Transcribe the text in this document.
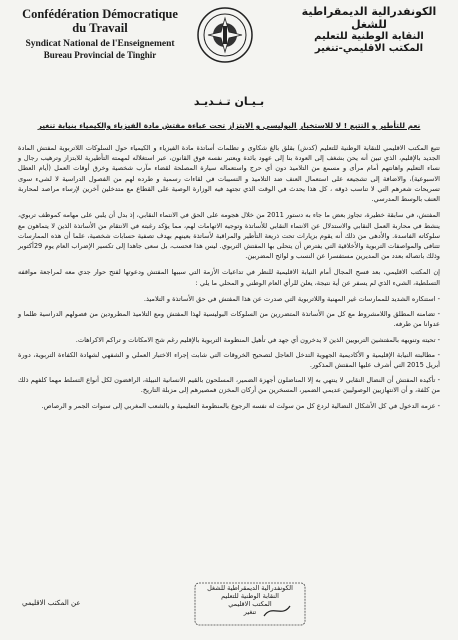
Confédération Démocratique du Travail
Syndicat National de l'Enseignement
Bureau Provincial de Tinghir
الكونفدرالية الديمقراطية للشغل
النقابة الوطنية للتعليم
المكتب الاقليمي-تنغير
بـيـان تـنـديـد
نعم للتأطير و التتبع ! لا للاستخبار البوليسي و الابتزاز تحت عباءة مفتش مادة الفيزياء والكيمياء بنيابة تنغير

تتبع المكتب الاقليمي للنقابة الوطنية للتعليم (كدش) بقلق بالغ شكاوى و تظلمات أساتذة مادة الفيزياء و الكيمياء حول السلوكات اللاتربوية لمفتش المادة الجديد بالإقليم، الذي تبين أنه يحن بشغف إلى العودة بنا إلى عهود بائدة ويعتبر نفسه فوق القانون، عبر استغلاله لمهمته التأطيرية للابتزاز وترهيب رجال و نساء التعليم واهانتهم أمام مرأى و مسمع من التلاميذ دون أي حرج واستعماله سيارة المصلحة لقضاء مآرب شخصية وخرق أوقات العمل (أيام العطل الاسبوعية)، والاضافة إلى تشجيعه على استعمال العنف ضد التلاميذ و التسيبات في لقاءات رسمية و طرده لهم من الفصول الدراسية لا لشيء سوى تسريحات شعرهم التي لا تناسب ذوقه ، كل هذا يحدث في الوقت الذي تجتهد فيه الوزارة الوصية على القطاع مع متدخلين آخرين لإرساء مراصد لمحاربة العنف بالوسط المدرسي.

المفتش، في سابقة خطيرة، تجاوز بعض ما جاء به دستور 2011 من خلال هجومه على الحق في الانتماء النقابي، إذ بدل أن يلبي على مهامه كموظف تربوي، ينشط في محاربة العمل النقابي والاستدلال عن الانتماء النقابي للأساتذة وتوجيه الاتهامات لهم، مما يؤكد رغبته في الانتقام من الأساتذة الذين لا يتماهون مع سلوكاته الفاسدة. والأدهى من ذلك أنه يقوم بزيارات تحت ذريعة التأطير والمراقبة لأساتذة بعينهم بهدف تصفية حسابات شخصية، علما أن هذه الممارسات تتنافى والمواصفات التربوية والأخلاقية التي يفترض أن يتحلى بها المفتش التربوي. ليس هذا فحسب، بل سعى جاهدا إلى تكسير الإضراب العام يوم 29أكتوبر وذلك باتصاله بعدد من المديرين مستفسرا عن النسب و لوائح المضربين.

إن المكتب الاقليمي، بعد فسح المجال أمام النيابة الاقليمية للنظر في تداعيات الأزمة التي سببها المفتش ودعوتها لفتح حوار جدي معه لمراجعة مواقفه التسلطية، الشيء الذي لم يسفر عن أية نتيجة، يعلن للرأي العام الوطني و المحلي ما يلي :

- استنكاره الشديد للممارسات غير المهنية واللاتربوية التي صدرت عن هذا المفتش في حق الأساتذة و التلاميذ.

- تضامنه المطلق واللامشروط مع كل من الأساتذة المتضررين من السلوكات البوليسية لهذا المفتش ومع التلاميذ المطرودين من فصولهم الدراسية ظلما و عدوانا من طرفه.

- تحيته وتنويهه بالمفتشين التربويين الذين لا يدخرون أي جهد في تأهيل المنظومة التربوية بالإقليم رغم شح الامكانات و تراكم الاكراهات.

- مطالبته النيابة الإقليمية و الأكاديمية الجهوية التدخل العاجل لتصحيح الخروقات التي شابت إجراء الاختبار العملي و الشفهي لشهادة الكفاءة التربوية، دورة أبريل 2015 التي أشرف عليها المفتش المذكور.

- تأكيده المفتش أن النضال النقابي لا ينتهي به إلا المناضلون أجهزة الضمير، المسلحون بالقيم الانسانية النبيلة، الرافضون لكل أنواع التسلط مهما كلفهم ذلك من كلفة، و أن الانتهازيين الوصوليين عديمي الضمير، المسخرين من أركان المخزن فمصيرهم إلى مزبلة التاريخ.

- عزمه الدخول في كل الأشكال النضالية لردع كل من سولت له نفسه الرجوع بالمنظومة التعليمية و بالشعب المغربي إلى سنوات الجمر و الرصاص.

عن المكتب الاقليمي
الكونفدرالية الديمقراطية للشغل
النقابة الوطنية للتعليم
المكتب الاقليمي
تنغير
